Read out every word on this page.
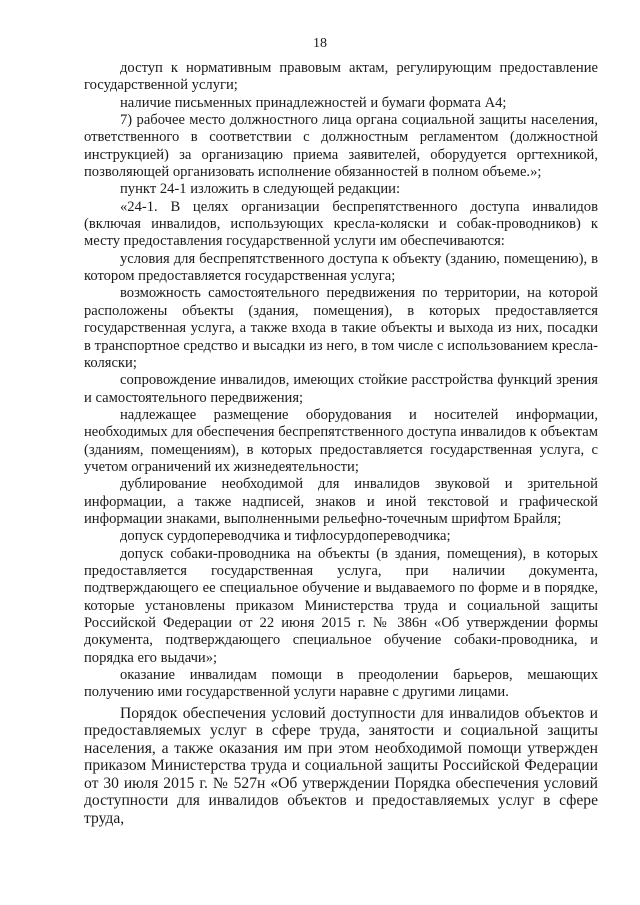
18

доступ к нормативным правовым актам, регулирующим предоставление государственной услуги;

наличие письменных принадлежностей и бумаги формата А4;

7) рабочее место должностного лица органа социальной защиты населения, ответственного в соответствии с должностным регламентом (должностной инструкцией) за организацию приема заявителей, оборудуется оргтехникой, позволяющей организовать исполнение обязанностей в полном объеме.»;

пункт 24-1 изложить в следующей редакции:

«24-1. В целях организации беспрепятственного доступа инвалидов (включая инвалидов, использующих кресла-коляски и собак-проводников) к месту предоставления государственной услуги им обеспечиваются:

условия для беспрепятственного доступа к объекту (зданию, помещению), в котором предоставляется государственная услуга;

возможность самостоятельного передвижения по территории, на которой расположены объекты (здания, помещения), в которых предоставляется государственная услуга, а также входа в такие объекты и выхода из них, посадки в транспортное средство и высадки из него, в том числе с использованием кресла-коляски;

сопровождение инвалидов, имеющих стойкие расстройства функций зрения и самостоятельного передвижения;

надлежащее размещение оборудования и носителей информации, необходимых для обеспечения беспрепятственного доступа инвалидов к объектам (зданиям, помещениям), в которых предоставляется государственная услуга, с учетом ограничений их жизнедеятельности;

дублирование необходимой для инвалидов звуковой и зрительной информации, а также надписей, знаков и иной текстовой и графической информации знаками, выполненными рельефно-точечным шрифтом Брайля;

допуск сурдопереводчика и тифлосурдопереводчика;

допуск собаки-проводника на объекты (в здания, помещения), в которых предоставляется государственная услуга, при наличии документа, подтверждающего ее специальное обучение и выдаваемого по форме и в порядке, которые установлены приказом Министерства труда и социальной защиты Российской Федерации от 22 июня 2015 г. № 386н «Об утверждении формы документа, подтверждающего специальное обучение собаки-проводника, и порядка его выдачи»;

оказание инвалидам помощи в преодолении барьеров, мешающих получению ими государственной услуги наравне с другими лицами.

Порядок обеспечения условий доступности для инвалидов объектов и предоставляемых услуг в сфере труда, занятости и социальной защиты населения, а также оказания им при этом необходимой помощи утвержден приказом Министерства труда и социальной защиты Российской Федерации от 30 июля 2015 г. № 527н «Об утверждении Порядка обеспечения условий доступности для инвалидов объектов и предоставляемых услуг в сфере труда,
